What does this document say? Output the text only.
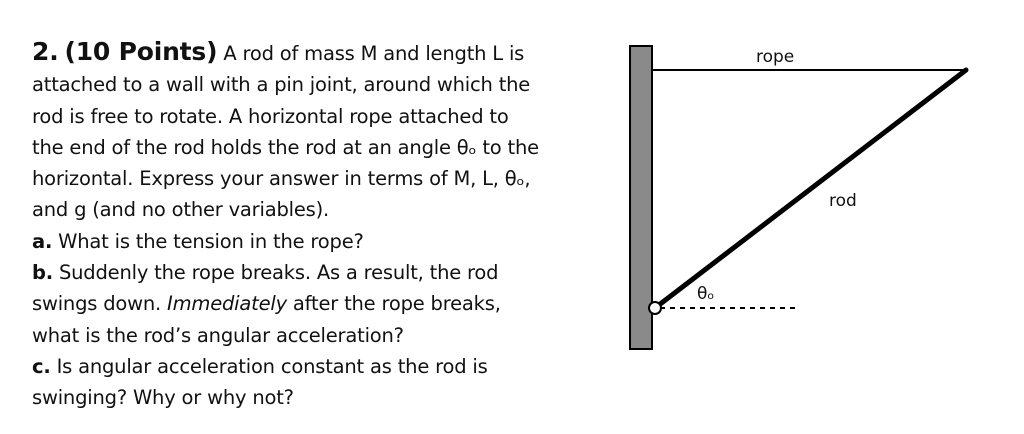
2. (10 Points) A rod of mass M and length L is
attached to a wall with a pin joint, around which the
rod is free to rotate. A horizontal rope attached to
the end of the rod holds the rod at an angle θₒ to the
horizontal. Express your answer in terms of M, L, θₒ,
and g (and no other variables).
a. What is the tension in the rope?
b. Suddenly the rope breaks. As a result, the rod
swings down. Immediately after the rope breaks,
what is the rod’s angular acceleration?
c. Is angular acceleration constant as the rod is
swinging? Why or why not?
rope
rod
θₒ
